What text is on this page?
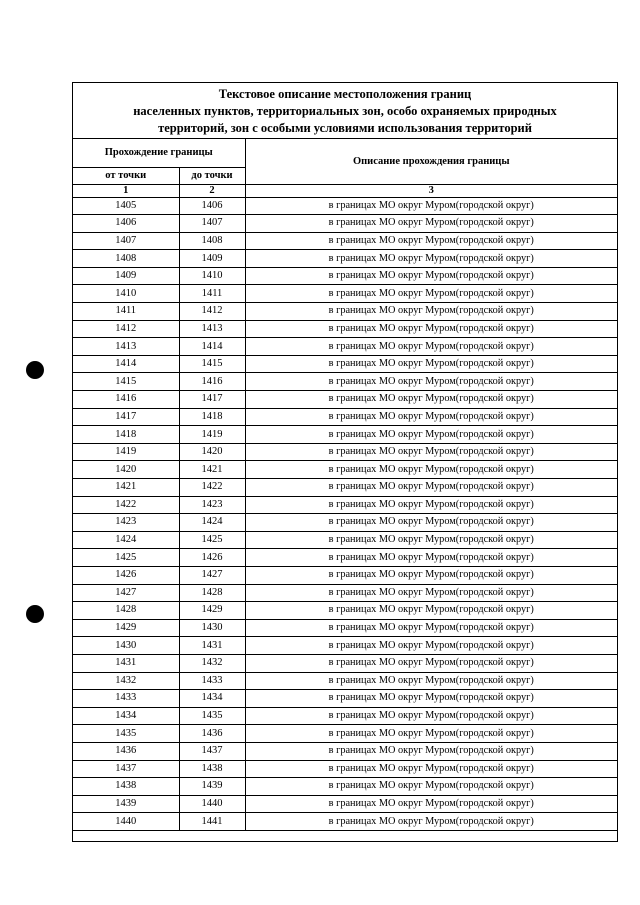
Текстовое описание местоположения границ
населенных пунктов, территориальных зон, особо охраняемых природных
территорий, зон с особыми условиями использования территорий
Прохождение границы		Описание прохождения границы
от точки	до точки	
1	2	3
1405	1406	в границах МО округ Муром(городской округ)
1406	1407	в границах МО округ Муром(городской округ)
1407	1408	в границах МО округ Муром(городской округ)
1408	1409	в границах МО округ Муром(городской округ)
1409	1410	в границах МО округ Муром(городской округ)
1410	1411	в границах МО округ Муром(городской округ)
1411	1412	в границах МО округ Муром(городской округ)
1412	1413	в границах МО округ Муром(городской округ)
1413	1414	в границах МО округ Муром(городской округ)
1414	1415	в границах МО округ Муром(городской округ)
1415	1416	в границах МО округ Муром(городской округ)
1416	1417	в границах МО округ Муром(городской округ)
1417	1418	в границах МО округ Муром(городской округ)
1418	1419	в границах МО округ Муром(городской округ)
1419	1420	в границах МО округ Муром(городской округ)
1420	1421	в границах МО округ Муром(городской округ)
1421	1422	в границах МО округ Муром(городской округ)
1422	1423	в границах МО округ Муром(городской округ)
1423	1424	в границах МО округ Муром(городской округ)
1424	1425	в границах МО округ Муром(городской округ)
1425	1426	в границах МО округ Муром(городской округ)
1426	1427	в границах МО округ Муром(городской округ)
1427	1428	в границах МО округ Муром(городской округ)
1428	1429	в границах МО округ Муром(городской округ)
1429	1430	в границах МО округ Муром(городской округ)
1430	1431	в границах МО округ Муром(городской округ)
1431	1432	в границах МО округ Муром(городской округ)
1432	1433	в границах МО округ Муром(городской округ)
1433	1434	в границах МО округ Муром(городской округ)
1434	1435	в границах МО округ Муром(городской округ)
1435	1436	в границах МО округ Муром(городской округ)
1436	1437	в границах МО округ Муром(городской округ)
1437	1438	в границах МО округ Муром(городской округ)
1438	1439	в границах МО округ Муром(городской округ)
1439	1440	в границах МО округ Муром(городской округ)
1440	1441	в границах МО округ Муром(городской округ)
